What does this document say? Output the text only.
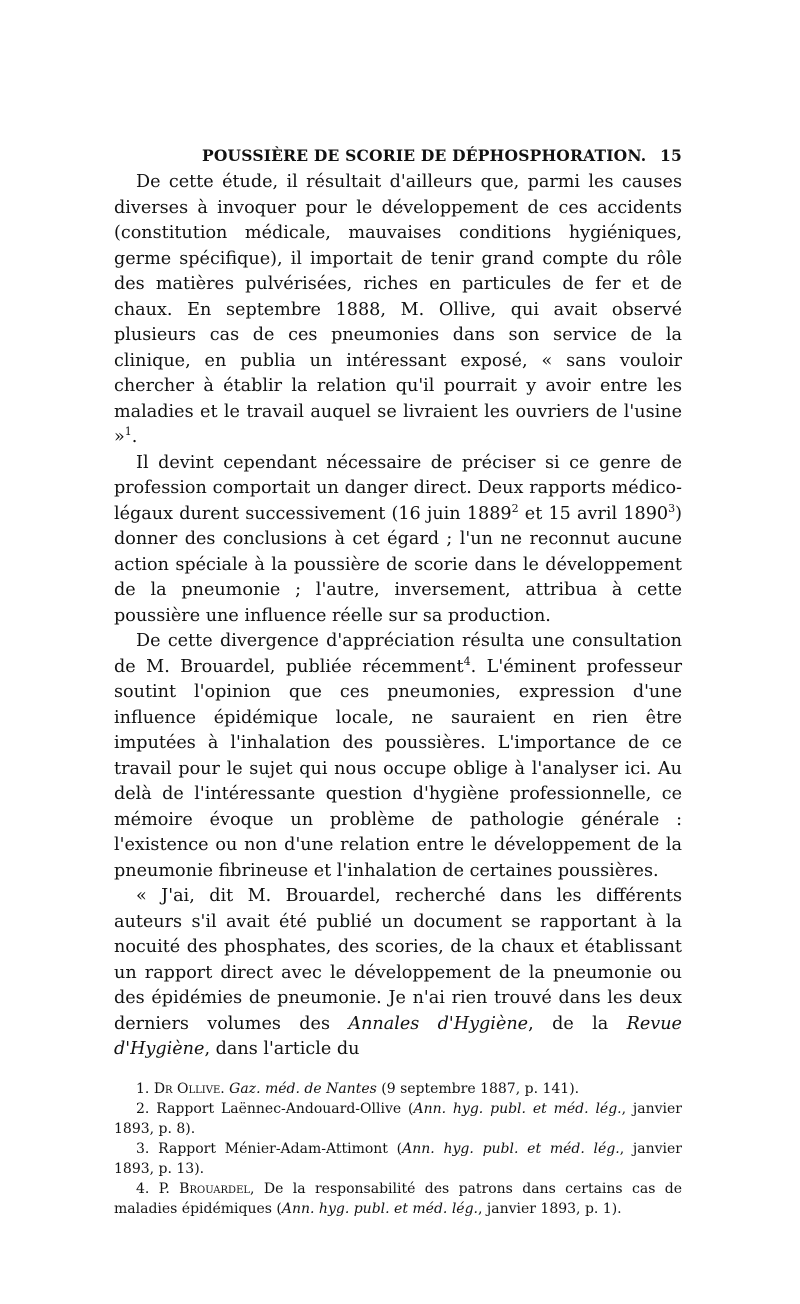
POUSSIÈRE DE SCORIE DE DÉPHOSPHORATION. 15

De cette étude, il résultait d'ailleurs que, parmi les causes diverses à invoquer pour le développement de ces accidents (constitution médicale, mauvaises conditions hygiéniques, germe spécifique), il importait de tenir grand compte du rôle des matières pulvérisées, riches en particules de fer et de chaux. En septembre 1888, M. Ollive, qui avait observé plusieurs cas de ces pneumonies dans son service de la clinique, en publia un intéressant exposé, « sans vouloir chercher à établir la relation qu'il pourrait y avoir entre les maladies et le travail auquel se livraient les ouvriers de l'usine »$^1$.

Il devint cependant nécessaire de préciser si ce genre de profession comportait un danger direct. Deux rapports médico-légaux durent successivement (16 juin 1889$^2$ et 15 avril 1890$^3$) donner des conclusions à cet égard ; l'un ne reconnut aucune action spéciale à la poussière de scorie dans le développement de la pneumonie ; l'autre, inversement, attribua à cette poussière une influence réelle sur sa production.

De cette divergence d'appréciation résulta une consultation de M. Brouardel, publiée récemment$^4$. L'éminent professeur soutint l'opinion que ces pneumonies, expression d'une influence épidémique locale, ne sauraient en rien être imputées à l'inhalation des poussières. L'importance de ce travail pour le sujet qui nous occupe oblige à l'analyser ici. Au delà de l'intéressante question d'hygiène professionnelle, ce mémoire évoque un problème de pathologie générale : l'existence ou non d'une relation entre le développement de la pneumonie fibrineuse et l'inhalation de certaines poussières.

« J'ai, dit M. Brouardel, recherché dans les différents auteurs s'il avait été publié un document se rapportant à la nocuité des phosphates, des scories, de la chaux et établissant un rapport direct avec le développement de la pneumonie ou des épidémies de pneumonie. Je n'ai rien trouvé dans les deux derniers volumes des Annales d'Hygiène, de la Revue d'Hygiène, dans l'article du

1. Dr Ollive. Gaz. méd. de Nantes (9 septembre 1887, p. 141).

2. Rapport Laënnec-Andouard-Ollive (Ann. hyg. publ. et méd. lég., janvier 1893, p. 8).

3. Rapport Ménier-Adam-Attimont (Ann. hyg. publ. et méd. lég., janvier 1893, p. 13).

4. P. Brouardel, De la responsabilité des patrons dans certains cas de maladies épidémiques (Ann. hyg. publ. et méd. lég., janvier 1893, p. 1).
